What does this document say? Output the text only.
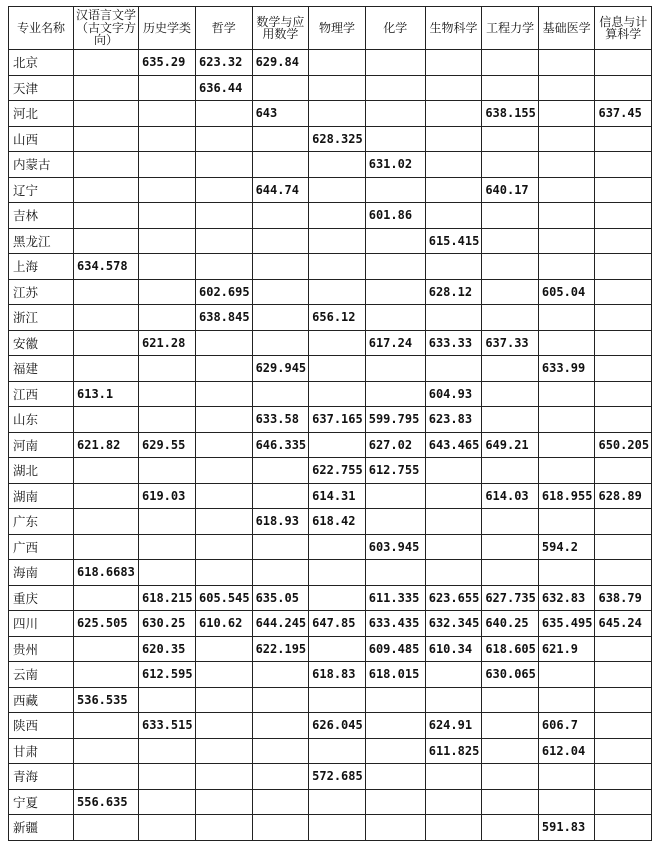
专业名称	汉语言文学（古文字方向）	历史学类	哲学	数学与应用数学	物理学	化学	生物科学	工程力学	基础医学	信息与计算科学
北京		635.29	623.32	629.84						
天津			636.44							
河北				643				638.155		637.45
山西					628.325					
内蒙古						631.02				
辽宁				644.74				640.17		
吉林						601.86				
黑龙江							615.415			
上海	634.578									
江苏			602.695				628.12		605.04	
浙江			638.845		656.12					
安徽		621.28				617.24	633.33	637.33		
福建				629.945					633.99	
江西	613.1						604.93			
山东				633.58	637.165	599.795	623.83			
河南	621.82	629.55		646.335		627.02	643.465	649.21		650.205
湖北					622.755	612.755				
湖南		619.03			614.31			614.03	618.955	628.89
广东				618.93	618.42					
广西						603.945			594.2	
海南	618.6683									
重庆		618.215	605.545	635.05		611.335	623.655	627.735	632.83	638.79
四川	625.505	630.25	610.62	644.245	647.85	633.435	632.345	640.25	635.495	645.24
贵州		620.35		622.195		609.485	610.34	618.605	621.9	
云南		612.595			618.83	618.015		630.065		
西藏	536.535									
陕西		633.515			626.045		624.91		606.7	
甘肃							611.825		612.04	
青海					572.685					
宁夏	556.635									
新疆									591.83	
